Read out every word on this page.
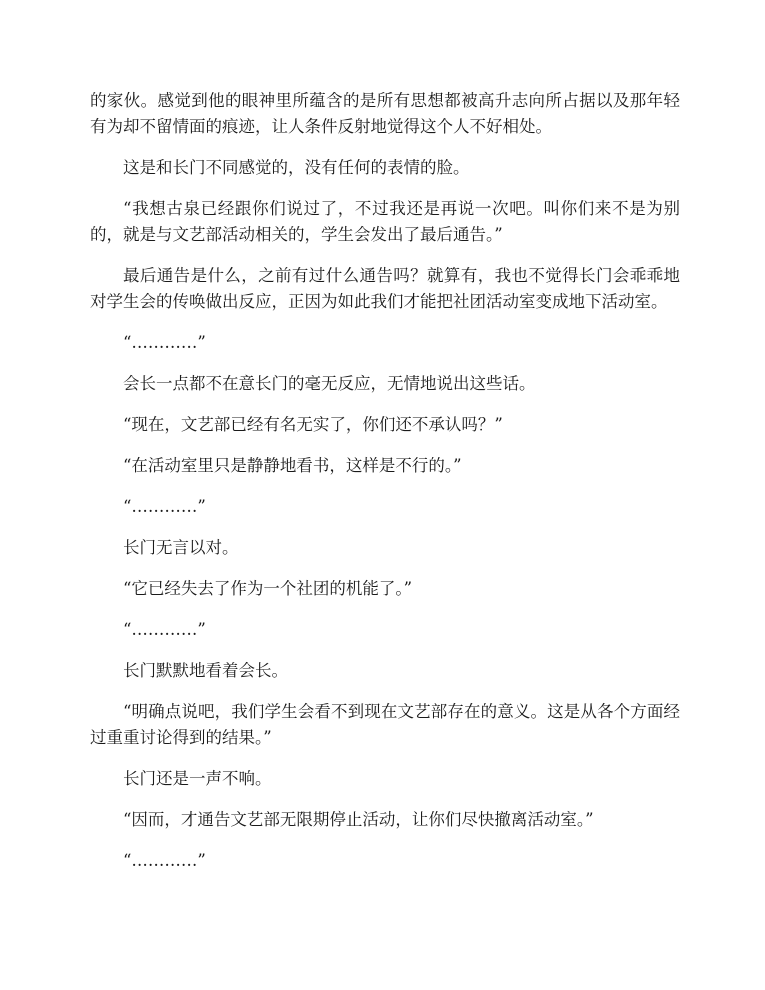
的家伙。感觉到他的眼神里所蕴含的是所有思想都被高升志向所占据以及那年轻有为却不留情面的痕迹，让人条件反射地觉得这个人不好相处。

这是和长门不同感觉的，没有任何的表情的脸。

“我想古泉已经跟你们说过了，不过我还是再说一次吧。叫你们来不是为别的，就是与文艺部活动相关的，学生会发出了最后通告。”

最后通告是什么，之前有过什么通告吗？就算有，我也不觉得长门会乖乖地对学生会的传唤做出反应，正因为如此我们才能把社团活动室变成地下活动室。

“…………”

会长一点都不在意长门的毫无反应，无情地说出这些话。

“现在，文艺部已经有名无实了，你们还不承认吗？”

“在活动室里只是静静地看书，这样是不行的。”

“…………”

长门无言以对。

“它已经失去了作为一个社团的机能了。”

“…………”

长门默默地看着会长。

“明确点说吧，我们学生会看不到现在文艺部存在的意义。这是从各个方面经过重重讨论得到的结果。”

长门还是一声不响。

“因而，才通告文艺部无限期停止活动，让你们尽快撤离活动室。”

“…………”
